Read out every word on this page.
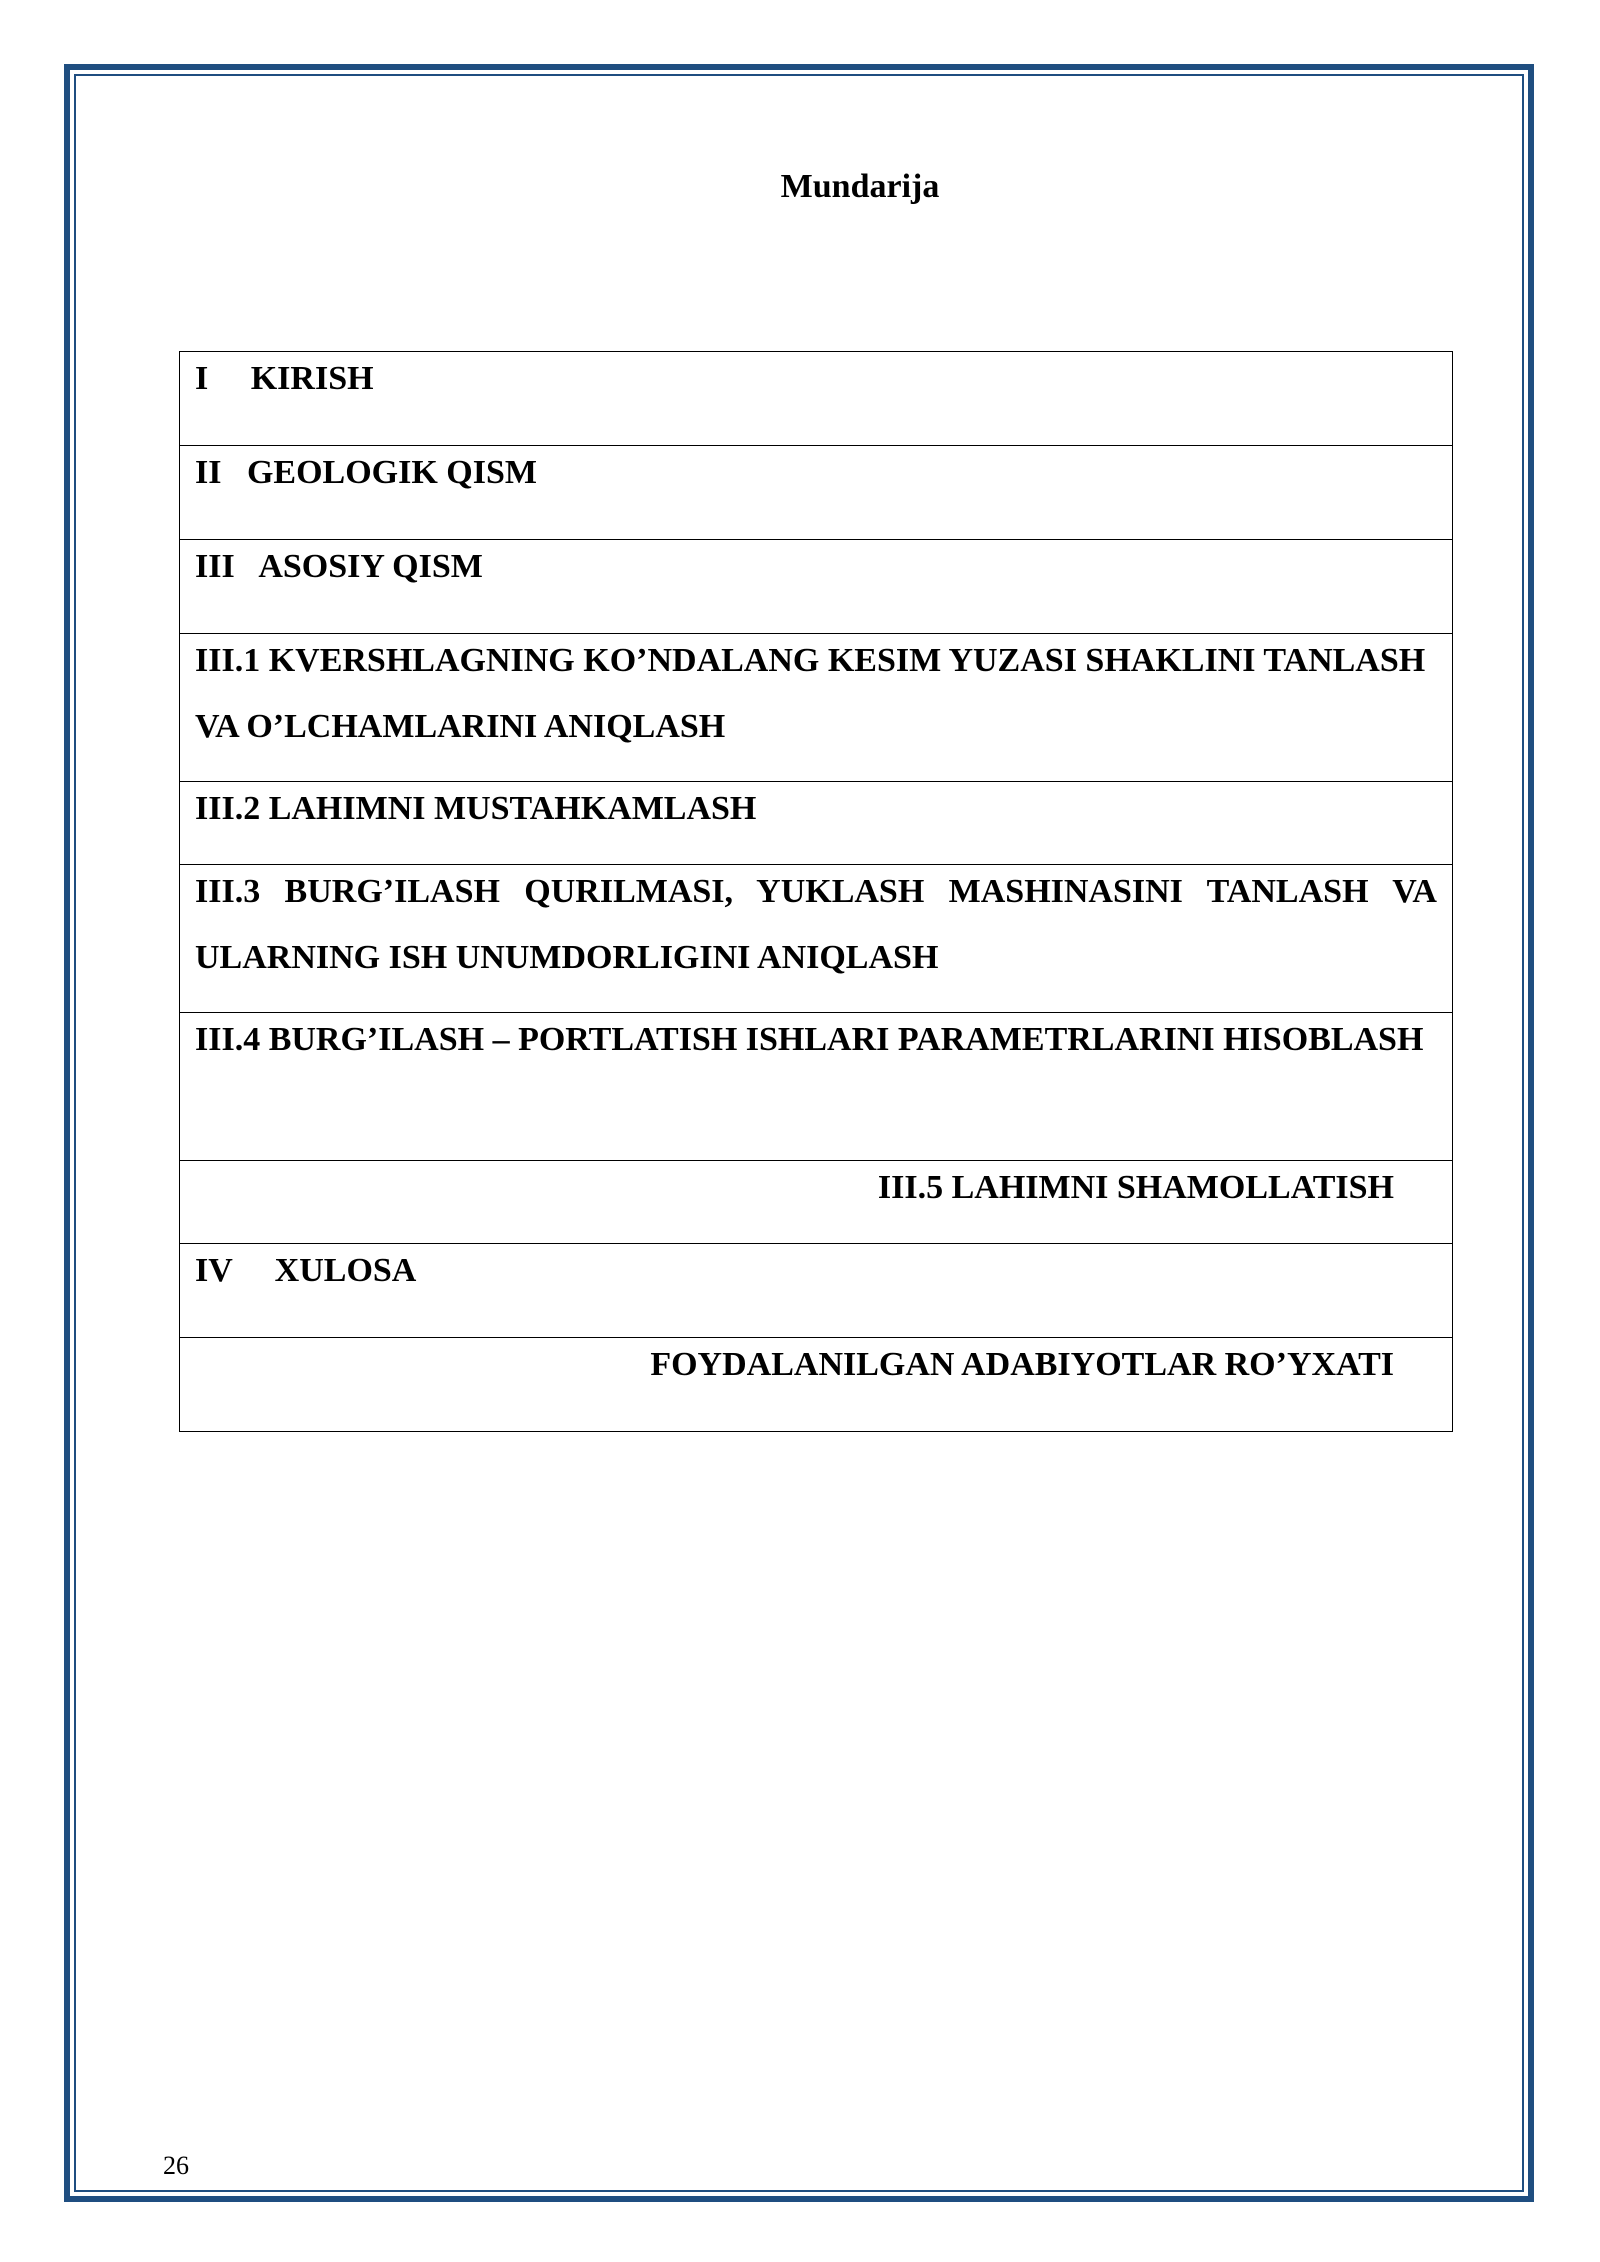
Mundarija
I     KIRISH

II   GEOLOGIK QISM

III   ASOSIY QISM

III.1 KVERSHLAGNING KO’NDALANG KESIM YUZASI SHAKLINI TANLASH VA O’LCHAMLARINI ANIQLASH

III.2 LAHIMNI MUSTAHKAMLASH

III.3 BURG’ILASH QURILMASI, YUKLASH MASHINASINI TANLASH VA ULARNING ISH UNUMDORLIGINI ANIQLASH

III.4 BURG’ILASH – PORTLATISH ISHLARI PARAMETRLARINI HISOBLASH

III.5 LAHIMNI SHAMOLLATISH

IV     XULOSA

FOYDALANILGAN ADABIYOTLAR RO’YXATI
26
